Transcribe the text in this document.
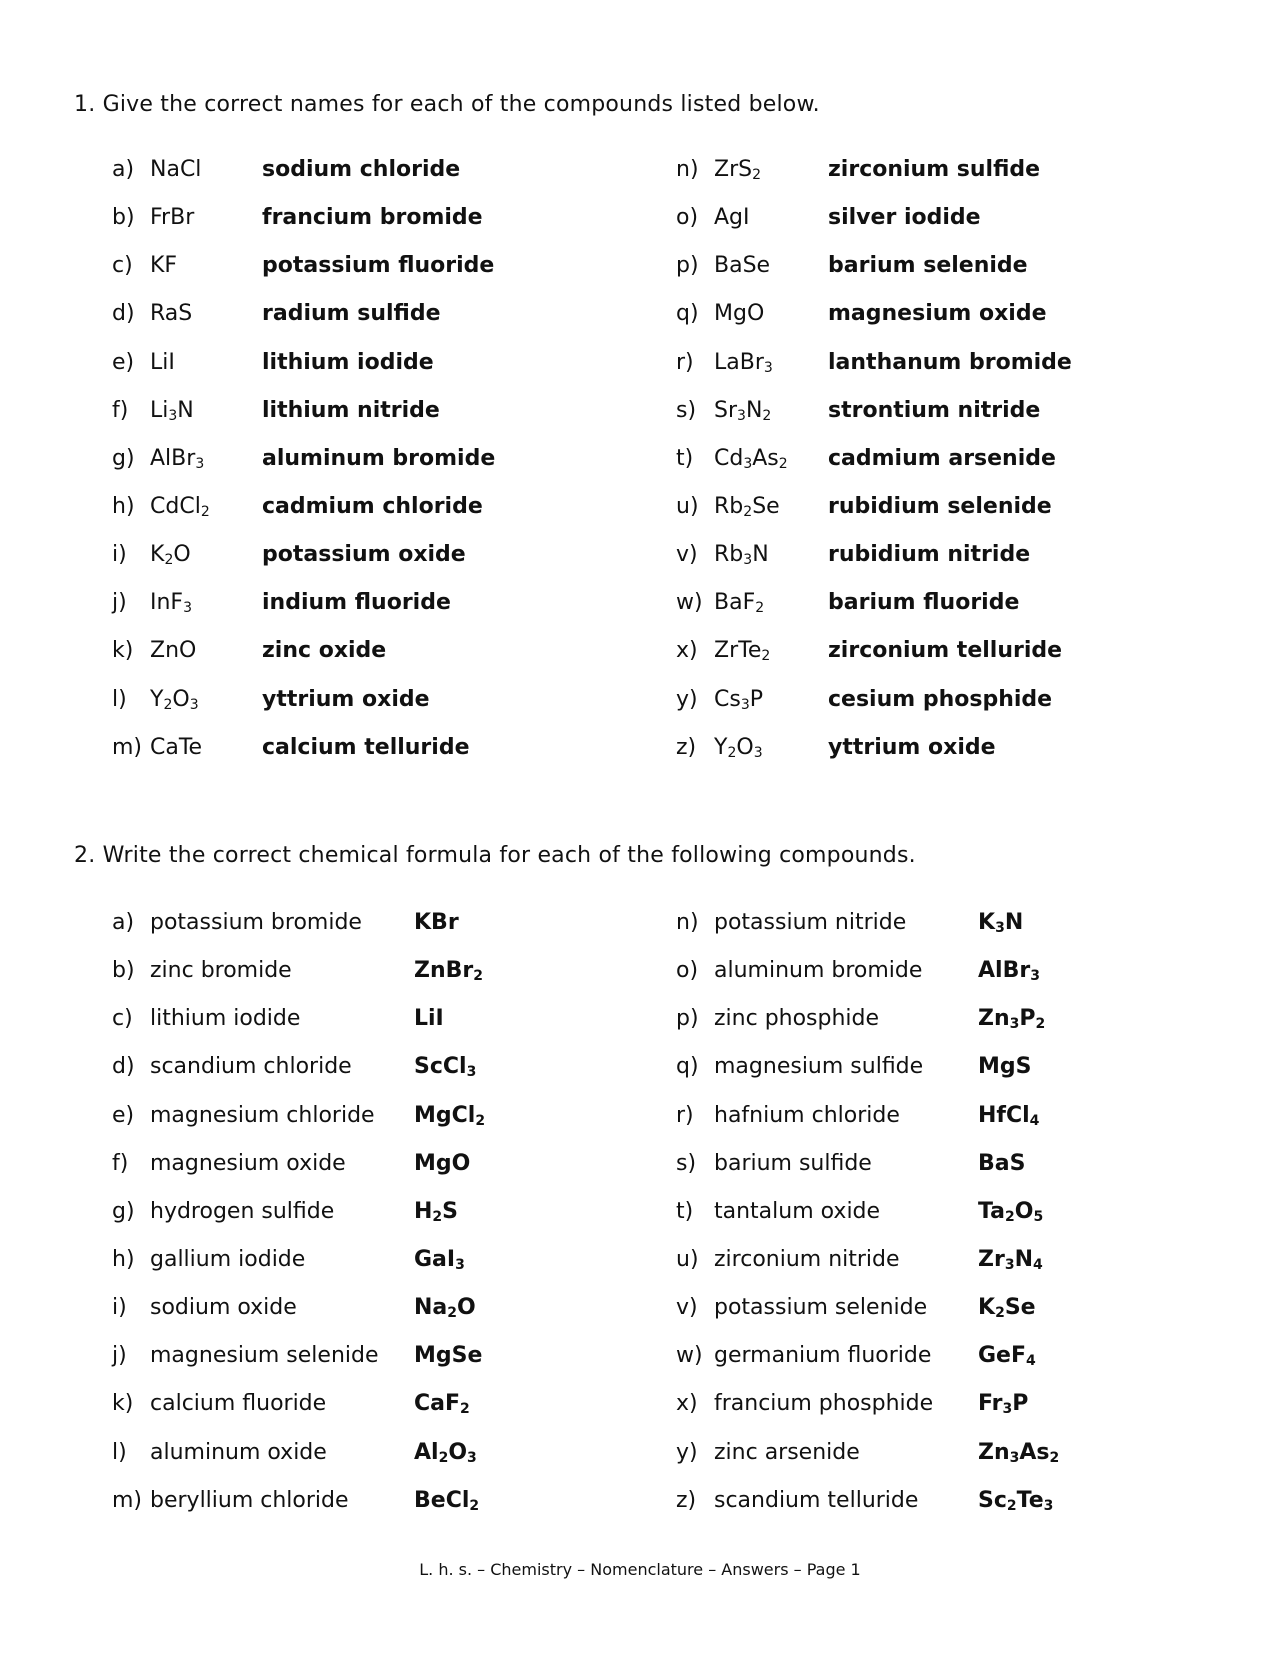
1. Give the correct names for each of the compounds listed below.
a) NaCl	sodium chloride
b) FrBr	francium bromide
c) KF	potassium fluoride
d) RaS	radium sulfide
e) LiI	lithium iodide
f) $Li_3N$	lithium nitride
g) AlBr$_3$	aluminum bromide
h) CdCl$_2$ cadmium chloride
i) $K_2O$	potassium oxide
j) InF$_3$	indium fluoride
k) ZnO	zinc oxide
l) $Y_2O_3$	yttrium oxide
m) CaTe	calcium telluride
n) ZrS$_2$	zirconium sulfide
o) AgI	silver iodide
p) BaSe	barium selenide
q) MgO	magnesium oxide
r) LaBr$_3$	lanthanum bromide
s) $Sr_3N_2$	strontium nitride
t) $Cd_3As_2$ cadmium arsenide
u) $Rb_2Se$ rubidium selenide
v) $Rb_3N$	rubidium nitride
w) BaF$_2$	barium fluoride
x) ZrTe$_2$	zirconium telluride
y) $Cs_3P$	cesium phosphide
z) $Y_2O_3$	yttrium oxide
2. Write the correct chemical formula for each of the following compounds.
a) potassium bromide KBr
b) zinc bromide	ZnBr$_2$
c) lithium iodide	LiI
d) scandium chloride	ScCl$_3$
e) magnesium chloride MgCl$_2$
f) magnesium oxide	MgO
g) hydrogen sulfide	$H_2S$
h) gallium iodide	GaI$_3$
i) sodium oxide	$Na_2O$
j) magnesium selenide MgSe
k) calcium fluoride	CaF$_2$
l) aluminum oxide	$Al_2O_3$
m) beryllium chloride	BeCl$_2$
n) potassium nitride	$K_3N$
o) aluminum bromide	AlBr$_3$
p) zinc phosphide	$Zn_3P_2$
q) magnesium sulfide MgS
r) hafnium chloride	HfCl$_4$
s) barium sulfide	BaS
t) tantalum oxide	$Ta_2O_5$
u) zirconium nitride	$Zr_3N_4$
v) potassium selenide $K_2Se$
w) germanium fluoride GeF$_4$
x) francium phosphide $Fr_3P$
y) zinc arsenide	$Zn_3As_2$
z) scandium telluride	$Sc_2Te_3$
L. h. s. – Chemistry – Nomenclature – Answers – Page 1
